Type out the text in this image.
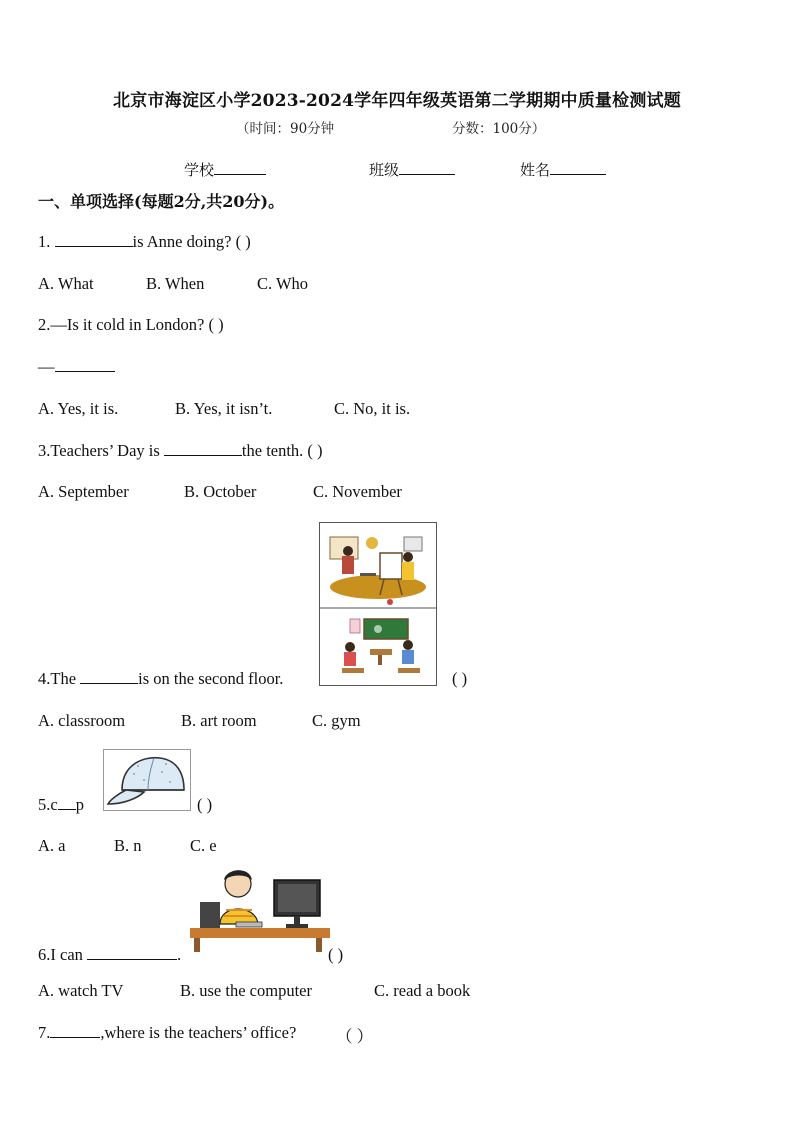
北京市海淀区小学2023-2024学年四年级英语第二学期期中质量检测试题
（时间：90分钟	分数：100分）
学校	班级	姓名
一、单项选择(每题2分,共20分)。
1.	is Anne doing? ( )
A. What	B. When	C. Who
2.—Is it cold in London? ( )
—
A. Yes, it is.	B. Yes, it isn’t.	C. No, it is.
3.Teachers’ Day is	the tenth. ( )
A. September	B. October	C. November
4.The	is on the second floor.	( )
A. classroom	B. art room	C. gym
5.c p	( )
A. a	B. n	C. e
6.I can	.	( )
A. watch TV	B. use the computer	C. read a book
7.	,where is the teachers’ office? （ ）
